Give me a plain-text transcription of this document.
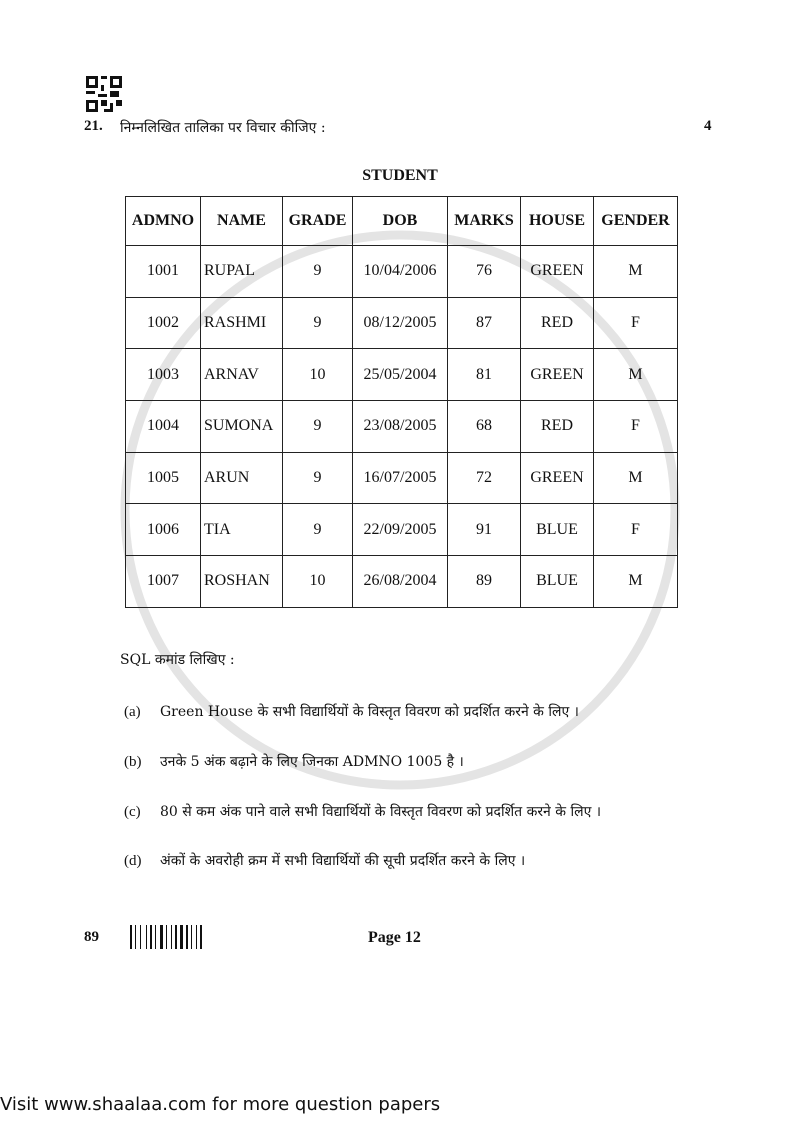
21. निम्नलिखित तालिका पर विचार कीजिए :	4
STUDENT
ADMNO	NAME	GRADE	DOB	MARKS	HOUSE	GENDER
1001	RUPAL	9	10/04/2006	76	GREEN	M
1002	RASHMI	9	08/12/2005	87	RED	F
1003	ARNAV	10	25/05/2004	81	GREEN	M
1004	SUMONA	9	23/08/2005	68	RED	F
1005	ARUN	9	16/07/2005	72	GREEN	M
1006	TIA	9	22/09/2005	91	BLUE	F
1007	ROSHAN	10	26/08/2004	89	BLUE	M
SQL कमांड लिखिए :
(a)	Green House के सभी विद्यार्थियों के विस्तृत विवरण को प्रदर्शित करने के लिए ।
(b)	उनके 5 अंक बढ़ाने के लिए जिनका ADMNO 1005 है ।
(c)	80 से कम अंक पाने वाले सभी विद्यार्थियों के विस्तृत विवरण को प्रदर्शित करने के लिए ।
(d)	अंकों के अवरोही क्रम में सभी विद्यार्थियों की सूची प्रदर्शित करने के लिए ।
89	Page 12
Visit www.shaalaa.com for more question papers
